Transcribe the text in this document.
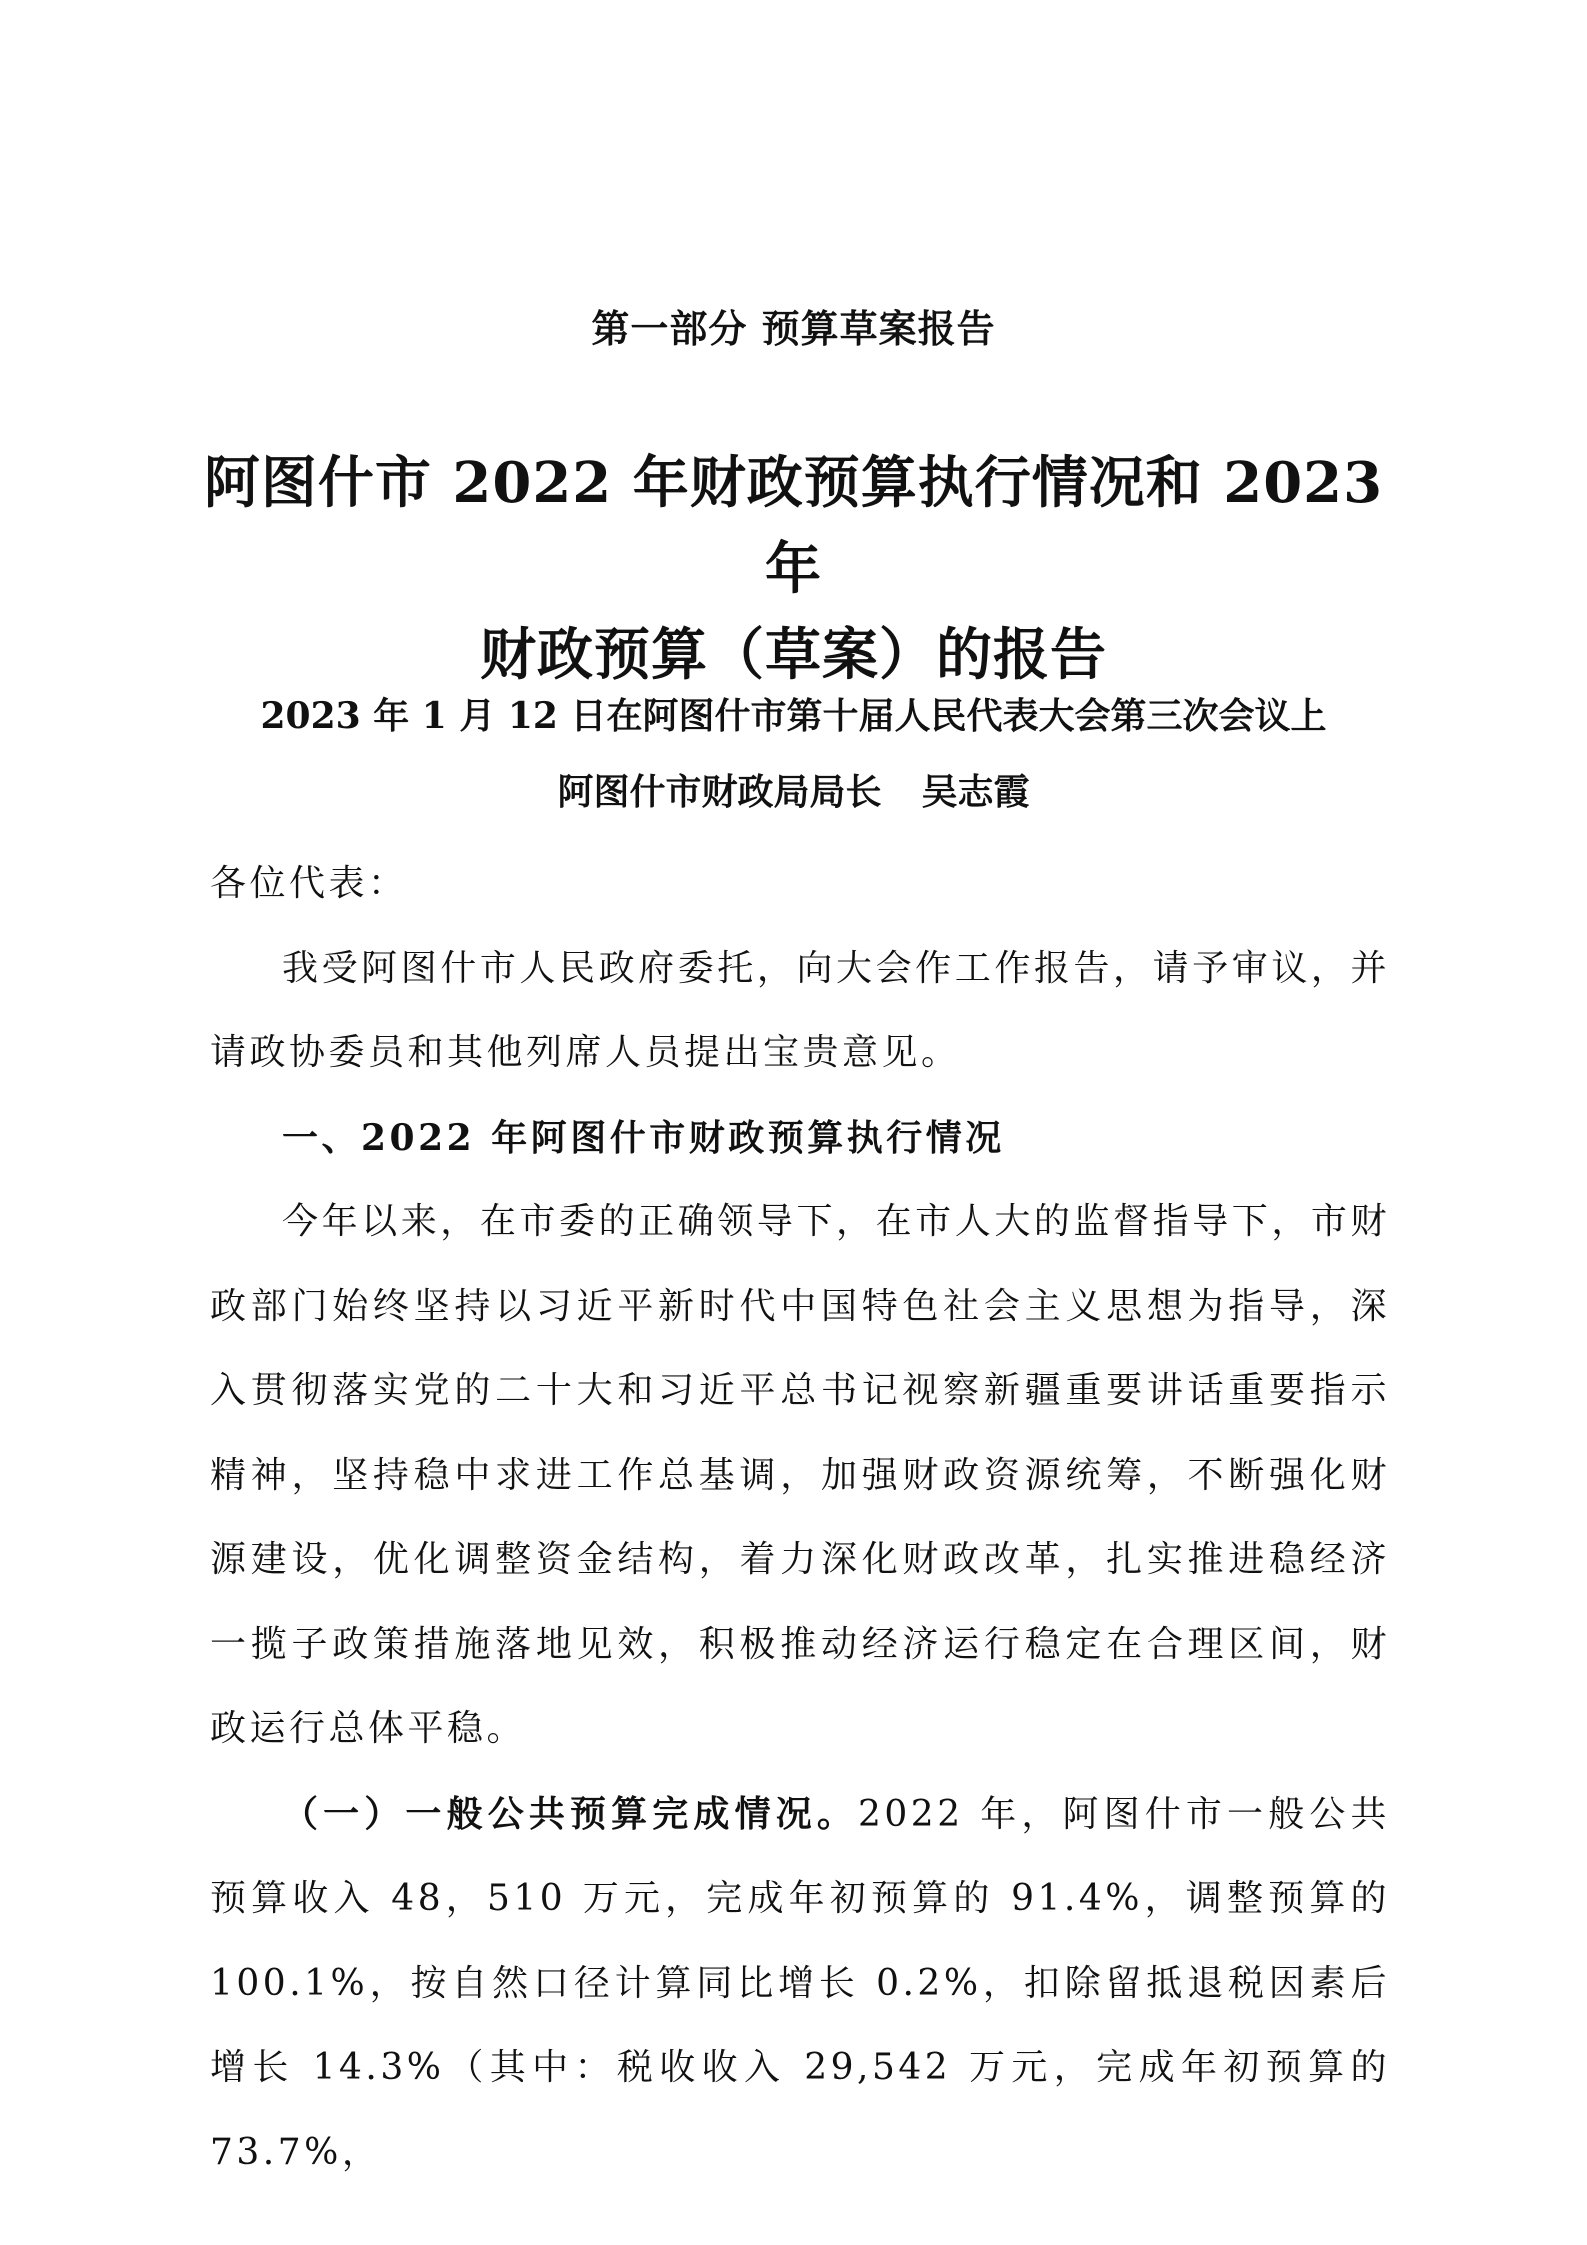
第一部分 预算草案报告
阿图什市 2022 年财政预算执行情况和 2023 年
财政预算（草案）的报告
2023 年 1 月 12 日在阿图什市第十届人民代表大会第三次会议上
阿图什市财政局局长 吴志霞

各位代表：

我受阿图什市人民政府委托，向大会作工作报告，请予审议，并请政协委员和其他列席人员提出宝贵意见。

一、2022 年阿图什市财政预算执行情况

今年以来，在市委的正确领导下，在市人大的监督指导下，市财政部门始终坚持以习近平新时代中国特色社会主义思想为指导，深入贯彻落实党的二十大和习近平总书记视察新疆重要讲话重要指示精神，坚持稳中求进工作总基调，加强财政资源统筹，不断强化财源建设，优化调整资金结构，着力深化财政改革，扎实推进稳经济一揽子政策措施落地见效，积极推动经济运行稳定在合理区间，财政运行总体平稳。

（一）一般公共预算完成情况。2022 年，阿图什市一般公共预算收入 48，510 万元，完成年初预算的 91.4%，调整预算的 100.1%，按自然口径计算同比增长 0.2%，扣除留抵退税因素后增长 14.3%（其中：税收收入 29,542 万元，完成年初预算的 73.7%，
